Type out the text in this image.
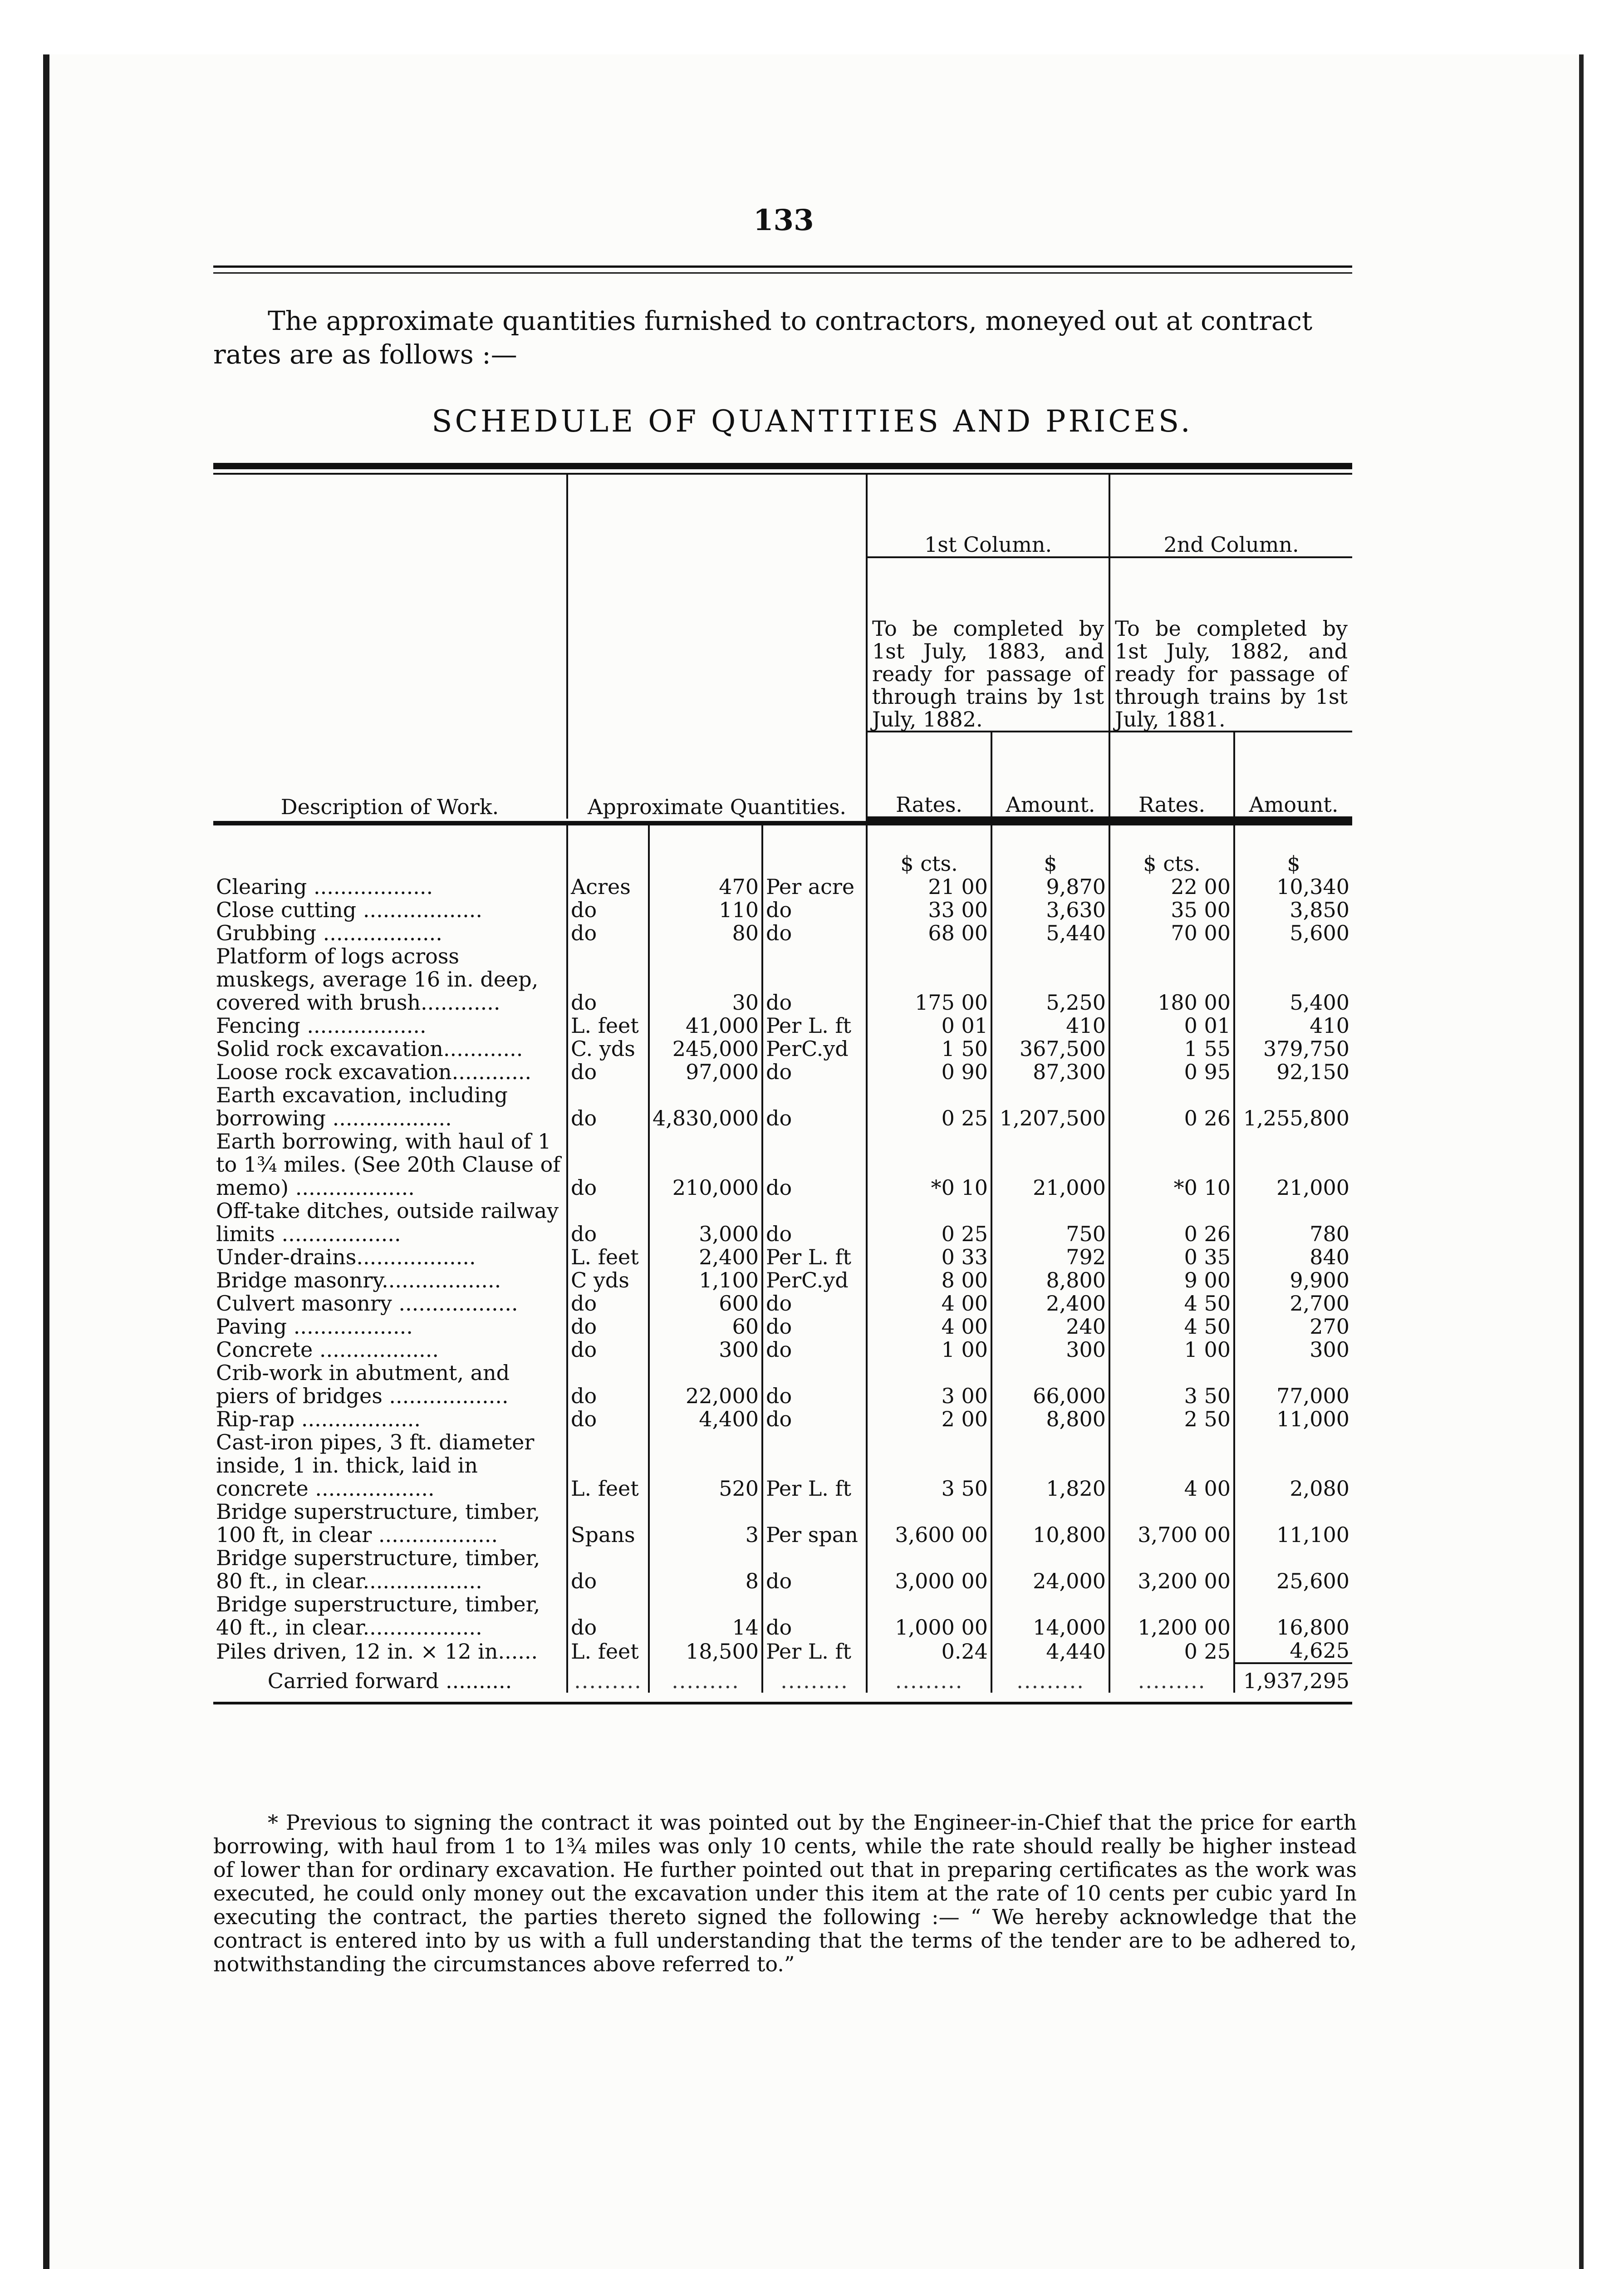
133
The approximate quantities furnished to contractors, moneyed out at contract rates are as follows :—
SCHEDULE OF QUANTITIES AND PRICES.
Description of Work.	Approximate Quantities.			1st Column.		2nd Column.	

				To be completed by 1st July, 1883, and ready for passage of through trains by 1st July, 1882.		To be completed by 1st July, 1882, and ready for passage of through trains by 1st July, 1881.	

				Rates.	Amount.	Rates.	Amount.

				$ cts.	$	$ cts.	$
Clearing ..................	Acres	470	Per acre	21 00	9,870	22 00	10,340
Close cutting ..................	do	110	do	33 00	3,630	35 00	3,850
Grubbing ..................	do	80	do	68 00	5,440	70 00	5,600
Platform of logs across muskegs, average 16 in. deep, covered with brush............	do	30	do	175 00	5,250	180 00	5,400
Fencing ..................	L. feet	41,000	Per L. ft	0 01	410	0 01	410
Solid rock excavation............	C. yds	245,000	PerC.yd	1 50	367,500	1 55	379,750
Loose rock excavation............	do	97,000	do	0 90	87,300	0 95	92,150
Earth excavation, including borrowing ..................	do	4,830,000	do	0 25	1,207,500	0 26	1,255,800
Earth borrowing, with haul of 1 to 1¾ miles. (See 20th Clause of memo) ..................	do	210,000	do	*0 10	21,000	*0 10	21,000
Off-take ditches, outside railway limits ..................	do	3,000	do	0 25	750	0 26	780
Under-drains..................	L. feet	2,400	Per L. ft	0 33	792	0 35	840
Bridge masonry..................	C yds	1,100	PerC.yd	8 00	8,800	9 00	9,900
Culvert masonry ..................	do	600	do	4 00	2,400	4 50	2,700
Paving ..................	do	60	do	4 00	240	4 50	270
Concrete ..................	do	300	do	1 00	300	1 00	300
Crib-work in abutment, and piers of bridges ..................	do	22,000	do	3 00	66,000	3 50	77,000
Rip-rap ..................	do	4,400	do	2 00	8,800	2 50	11,000
Cast-iron pipes, 3 ft. diameter inside, 1 in. thick, laid in concrete ..................	L. feet	520	Per L. ft	3 50	1,820	4 00	2,080
Bridge superstructure, timber, 100 ft, in clear ..................	Spans	3	Per span	3,600 00	10,800	3,700 00	11,100
Bridge superstructure, timber, 80 ft., in clear..................	do	8	do	3,000 00	24,000	3,200 00	25,600
Bridge superstructure, timber, 40 ft., in clear..................	do	14	do	1,000 00	14,000	1,200 00	16,800
Piles driven, 12 in. × 12 in......	L. feet	18,500	Per L. ft	0.24	4,440	0 25	4,625
Carried forward ..........	.........	.........	.........	.........	.........	.........	1,937,295
* Previous to signing the contract it was pointed out by the Engineer-in-Chief that the price for earth borrowing, with haul from 1 to 1¾ miles was only 10 cents, while the rate should really be higher instead of lower than for ordinary excavation. He further pointed out that in preparing certificates as the work was executed, he could only money out the excavation under this item at the rate of 10 cents per cubic yard In executing the contract, the parties thereto signed the following :— “ We hereby acknowledge that the contract is entered into by us with a full understanding that the terms of the tender are to be adhered to, notwithstanding the circumstances above referred to.”
